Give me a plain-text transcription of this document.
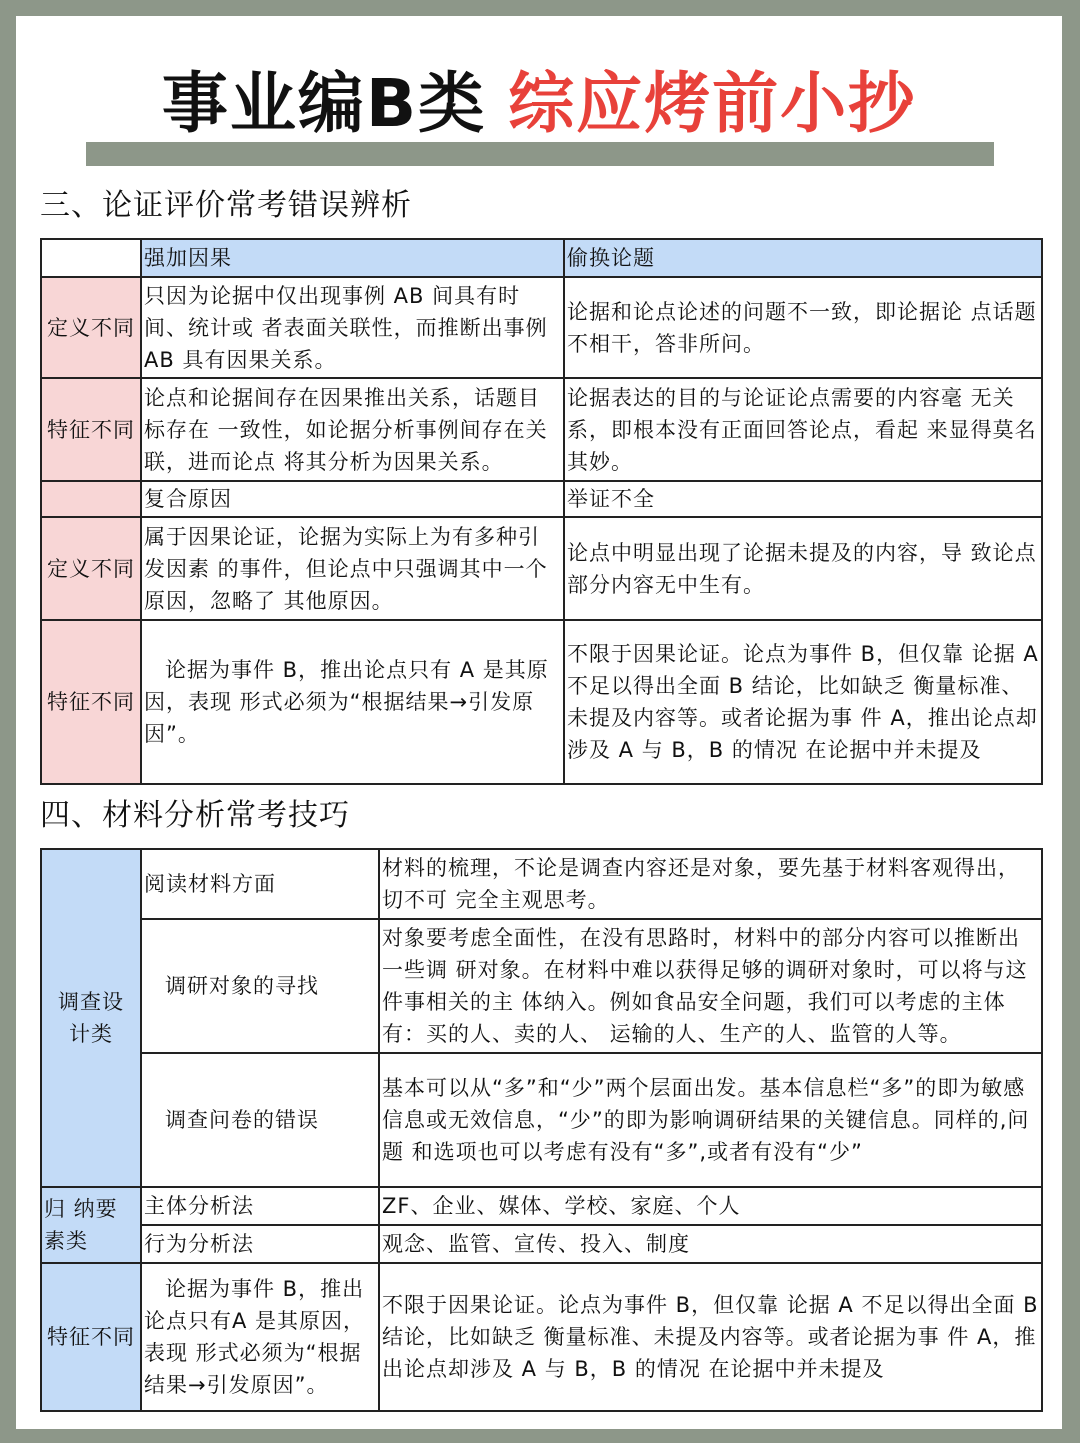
事业编B类 综应烤前小抄
三、论证评价常考错误辨析
	强加因果	偷换论题
定义不同	只因为论据中仅出现事例 AB 间具有时间、统计或 者表面关联性，而推断出事例 AB 具有因果关系。	论据和论点论述的问题不一致，即论据论 点话题不相干，答非所问。
特征不同	论点和论据间存在因果推出关系，话题目标存在 一致性，如论据分析事例间存在关联，进而论点 将其分析为因果关系。	论据表达的目的与论证论点需要的内容毫 无关系，即根本没有正面回答论点，看起 来显得莫名其妙。
	复合原因	举证不全
定义不同	属于因果论证，论据为实际上为有多种引发因素 的事件，但论点中只强调其中一个原因，忽略了 其他原因。	论点中明显出现了论据未提及的内容，导 致论点部分内容无中生有。
特征不同	论据为事件 B，推出论点只有 A 是其原因，表现 形式必须为“根据结果→引发原因”。	不限于因果论证。论点为事件 B，但仅靠 论据 A 不足以得出全面 B 结论，比如缺乏 衡量标准、未提及内容等。或者论据为事 件 A，推出论点却涉及 A 与 B，B 的情况 在论据中并未提及
四、材料分析常考技巧
调查设 计类	阅读材料方面	材料的梳理，不论是调查内容还是对象，要先基于材料客观得出，切不可 完全主观思考。
	调研对象的寻找	对象要考虑全面性，在没有思路时，材料中的部分内容可以推断出一些调 研对象。在材料中难以获得足够的调研对象时，可以将与这件事相关的主 体纳入。例如食品安全问题，我们可以考虑的主体有：买的人、卖的人、 运输的人、生产的人、监管的人等。
	调查问卷的错误	基本可以从“多”和“少”两个层面出发。基本信息栏“多”的即为敏感信息或无效信息，“少”的即为影响调研结果的关键信息。同样的,问题 和选项也可以考虑有没有“多”,或者有没有“少”
归 纳要 素类	主体分析法	ZF、企业、媒体、学校、家庭、个人
	行为分析法	观念、监管、宣传、投入、制度
特征不同	论据为事件 B，推出论点只有A 是其原因，表现 形式必须为“根据结果→引发原因”。	不限于因果论证。论点为事件 B，但仅靠 论据 A 不足以得出全面 B 结论，比如缺乏 衡量标准、未提及内容等。或者论据为事 件 A，推出论点却涉及 A 与 B，B 的情况 在论据中并未提及
